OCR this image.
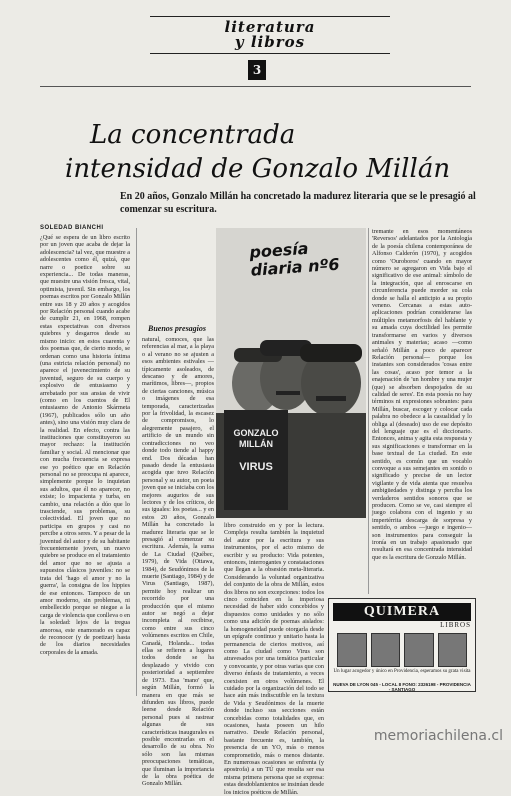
literatura
y libros
3
La concentrada
intensidad de Gonzalo Millán
En 20 años, Gonzalo Millán ha concretado la madurez literaria que se le presagió al comenzar su escritura.
SOLEDAD BIANCHI
¿Qué se espera de un libro escrito por un joven que acaba de dejar la adolescencia? tal vez, que muestre a adolescentes como él, quizá, que narre o poetice sobre su experiencia... De todas maneras, que muestre una visión fresca, vital, optimista, juvenil. Sin embargo, los poemas escritos por Gonzalo Millán entre sus 18 y 20 años y acogidos por Relación personal cuando acabe de cumplir 21, en 1968, rompen estas expectativas con diversos quiebres y desgarros desde su mismo inicio: en estos cuarenta y dos poemas que, de cierto modo, se ordenan como una historia íntima (una estricta relación personal) no aparece el juvenecimiento de su juventud, seguro de su cuerpo y explosivo de entusiasmo y arrebatado por sus ansias de vivir (como en los cuentos de El entusiasmo de Antonio Skármeta (1967), publicados sólo un año antes), sino una visión muy clara de la realidad. En efecto, contra las instituciones que constituyeron su mayor rechazo: la institución familiar y social. Al mencionar que con mucha frecuencia se expresa ese yo poético que en Relación personal no se preocupa ni aparece, simplemente porque lo inquietan sus adultos, que él no aparecer, no existe; lo impacienta y turba, en cambio, una relación a dúo que lo trasciende, sus problemas, su colectividad. El joven que no participa en grupos y casi no percibe a otros seres. Y a pesar de la juventud del autor y de su habitante frecuentemente joven, un nuevo quiebre se produce en el tratamiento del amor que no se ajusta a supuestos clásicos juveniles: no se trata del 'hago el amor y no la guerra', la consigna de los hippies de ese entonces. Tampoco de un amor moderno, sin problemas, ni embellecido porque se niegue a la carga de violencia que conlleva o en la soledad: lejos de la tregua amorosa, este enamorado es capaz de reconocer (y de poetizar) hasta de los diarios necesidades corporales de la amada.
Buenos presagios
natural, comoces, que las referencias al mar, a la playa o al verano no se ajusten a esos ambientes estivales —típicamente asoleados, de descanso y de amores, marítimos, libres—, propios de ciertas canciones, música o imágenes de esa temporada, caracterizadas por la frivolidad, la escasez de compromisos, lo alegremente pasajero, el artificio de un mundo sin contradicciones no veo donde todo tiende al happy end. Dos décadas han pasado desde la entusiasta acogida que tuvo Relación personal y su autor, un poeta joven que se iniciaba con los mejores augurios de sus lectores y de los críticos, de sus iguales: los poetas... y en estos 20 años, Gonzalo Millán ha concretado la madurez literaria que se le presagió al comenzar su escritura. Además, la suma de La Ciudad (Québec, 1979), de Vida (Ottawa, 1984), de Seudónimos de la muerte (Santiago, 1984) y de Virus (Santiago, 1987), permite hoy realizar un recorrido por una producción que el mismo autor se negó a dejar incompleta al recibirse, como entre sus cinco volúmenes escritos en Chile, Canadá, Holanda... todas ellas se refieren a lugares todos donde se ha desplazado y vivido con posterioridad a septiembre de 1973. Esa 'mano' que, según Millán, formó la manera en que más se difunden sus libros, puede leerse desde Relación personal pues si rastrear algunas de sus características inaugurales es posible encontrarlas en el desarrollo de su obra. No sólo son las mismas preocupaciones temáticas, que iluminan la importancia de la obra poética de Gonzalo Millán.
poesía diaria nº6
GONZALO MILLÁN
VIRUS
libro construido en y por la lectura. Compleja resulta también la inquietud del autor por la escritura y sus instrumentos, por el acto mismo de escribir y su producto: Vida potentes, entonces, interrogantes y constataciones que llegan a la obsesión meta-literaria. Considerando la voluntad organizativa del conjunto de la obra de Millán, estos dos libros no son excepciones: todos los cinco coinciden en la imperiosa necesidad de haber sido concebidos y dispuestos como unidades y no sólo como una adición de poemas aislados: la homogeneidad puede otorgarla desde un epígrafe continuo y unitario hasta la permanencia de ciertos motivos, así como La ciudad como Virus son atravesados por una temática particular y convocante, y por otras varias que con diverso énfasis de tratamiento, a veces coexisten en otros volúmenes. El cuidado por la organización del todo se hace aún más indiscutible en la textura de Vida y Seudónimos de la muerte donde incluso sus secciones están concebidas como totalidades que, en ocasiones, hasta poseen un hilo narrativo. Desde Relación personal, bastante frecuente es, también, la presencia de un YO, más o menos comprometido, más o menos distante. En numerosas ocasiones se enfrenta (y apostrofa) a un TÚ que resulta ser esa misma primera persona que se expresa: estas desdoblamientos se insinúan desde los inicios poéticos de Millán.
tremante en esos momentáneos 'Reversos' adelantados por la Antología de la poesía chilena contemporánea de Alfonso Calderón (1970), y acogidos como 'Ouroboros' cuando en mayor número se agregaron en Vida bajo el significativo de ese animal: símbolo de la integración, que al enroscarse en circunferencia puede morder su cola donde se halla el anticipio a su propio veneno. Cercanas a estas auto-aplicaciones podrían considerarse las múltiples metamorfosis del hablante y su amada cuya doctilidad les permite transformarse en varios y diversos animales y materias; acaso —como señaló Millán a poco de aparecer Relación personal— porque los instantes son considerados 'cosas entre las cosas', acaso por temor a la enajenación de 'un hombre y una mujer (que) se absorben despojados de su calidad de seres'. En esta poesía no hay términos ni expresiones sobrantes: para Millán, buscar, escoger y colocar cada palabra no obedece a la casualidad y lo obliga al (deseado) uso de ese depósito del lenguaje que es el diccionario. Entonces, anima y agita esta respuesta y sus significaciones e transformar en la base textual de La ciudad. En este sentido, es común que un vocablo convoque a sus semejantes en sonido o significado y precise de un lector vigilante y de vida atenta que resuelva ambigüedades y distinga y perciba los verdaderos sentidos sonoros que se producen. Como se ve, casi siempre el juego colabora con el ingenio y su impertérrita descarga de sorpresa y sentido, o ambos —juego e ingenio— son instrumentos para conseguir la ironía en un trabajo apasionado que resultará en esa concentrada intensidad que es la escritura de Gonzalo Millán.
QUIMERA
LIBROS
Un lugar acogedor y único en Providencia, esperamos su grata visita
NUEVA DE LYON 045 - LOCAL 8 FONO: 2326198 - PROVIDENCIA - SANTIAGO
memoriachilena.cl
